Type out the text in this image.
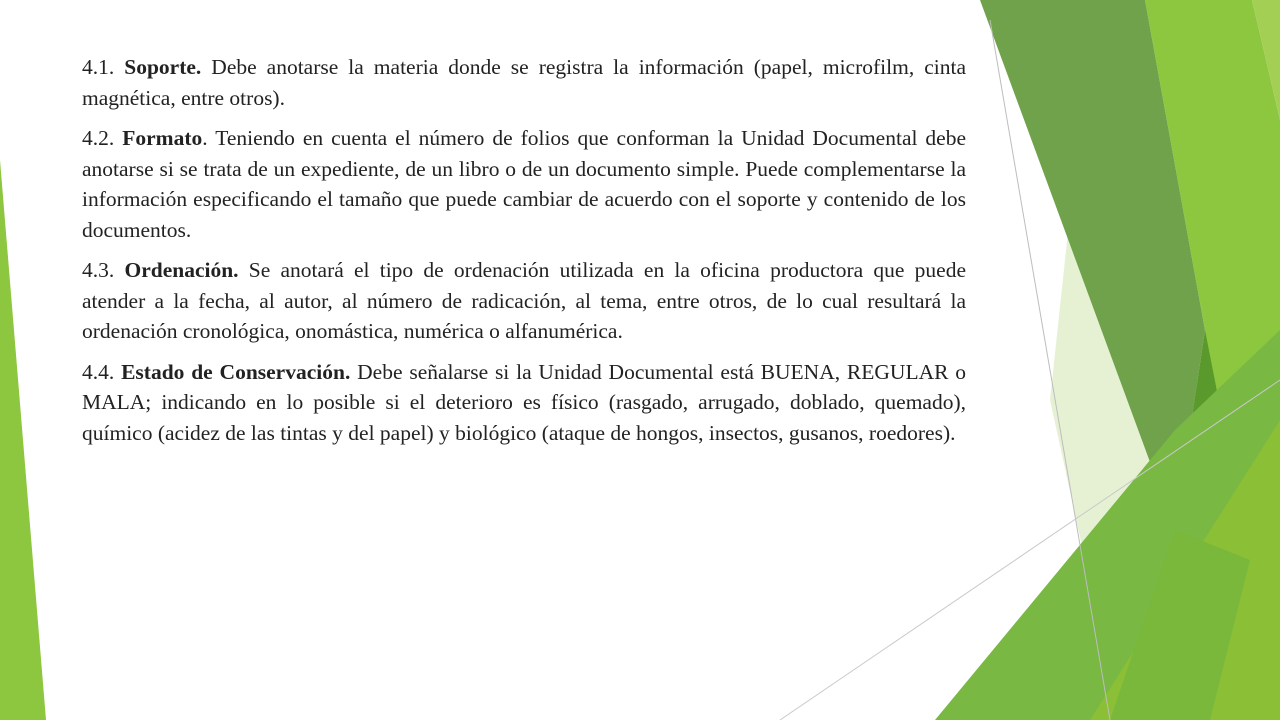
4.1. Soporte. Debe anotarse la materia donde se registra la información (papel, microfilm, cinta magnética, entre otros).

4.2. Formato. Teniendo en cuenta el número de folios que conforman la Unidad Documental debe anotarse si se trata de un expediente, de un libro o de un documento simple. Puede complementarse la información especificando el tamaño que puede cambiar de acuerdo con el soporte y contenido de los documentos.

4.3. Ordenación. Se anotará el tipo de ordenación utilizada en la oficina productora que puede atender a la fecha, al autor, al número de radicación, al tema, entre otros, de lo cual resultará la ordenación cronológica, onomástica, numérica o alfanumérica.

4.4. Estado de Conservación. Debe señalarse si la Unidad Documental está BUENA, REGULAR o MALA; indicando en lo posible si el deterioro es físico (rasgado, arrugado, doblado, quemado), químico (acidez de las tintas y del papel) y biológico (ataque de hongos, insectos, gusanos, roedores).
